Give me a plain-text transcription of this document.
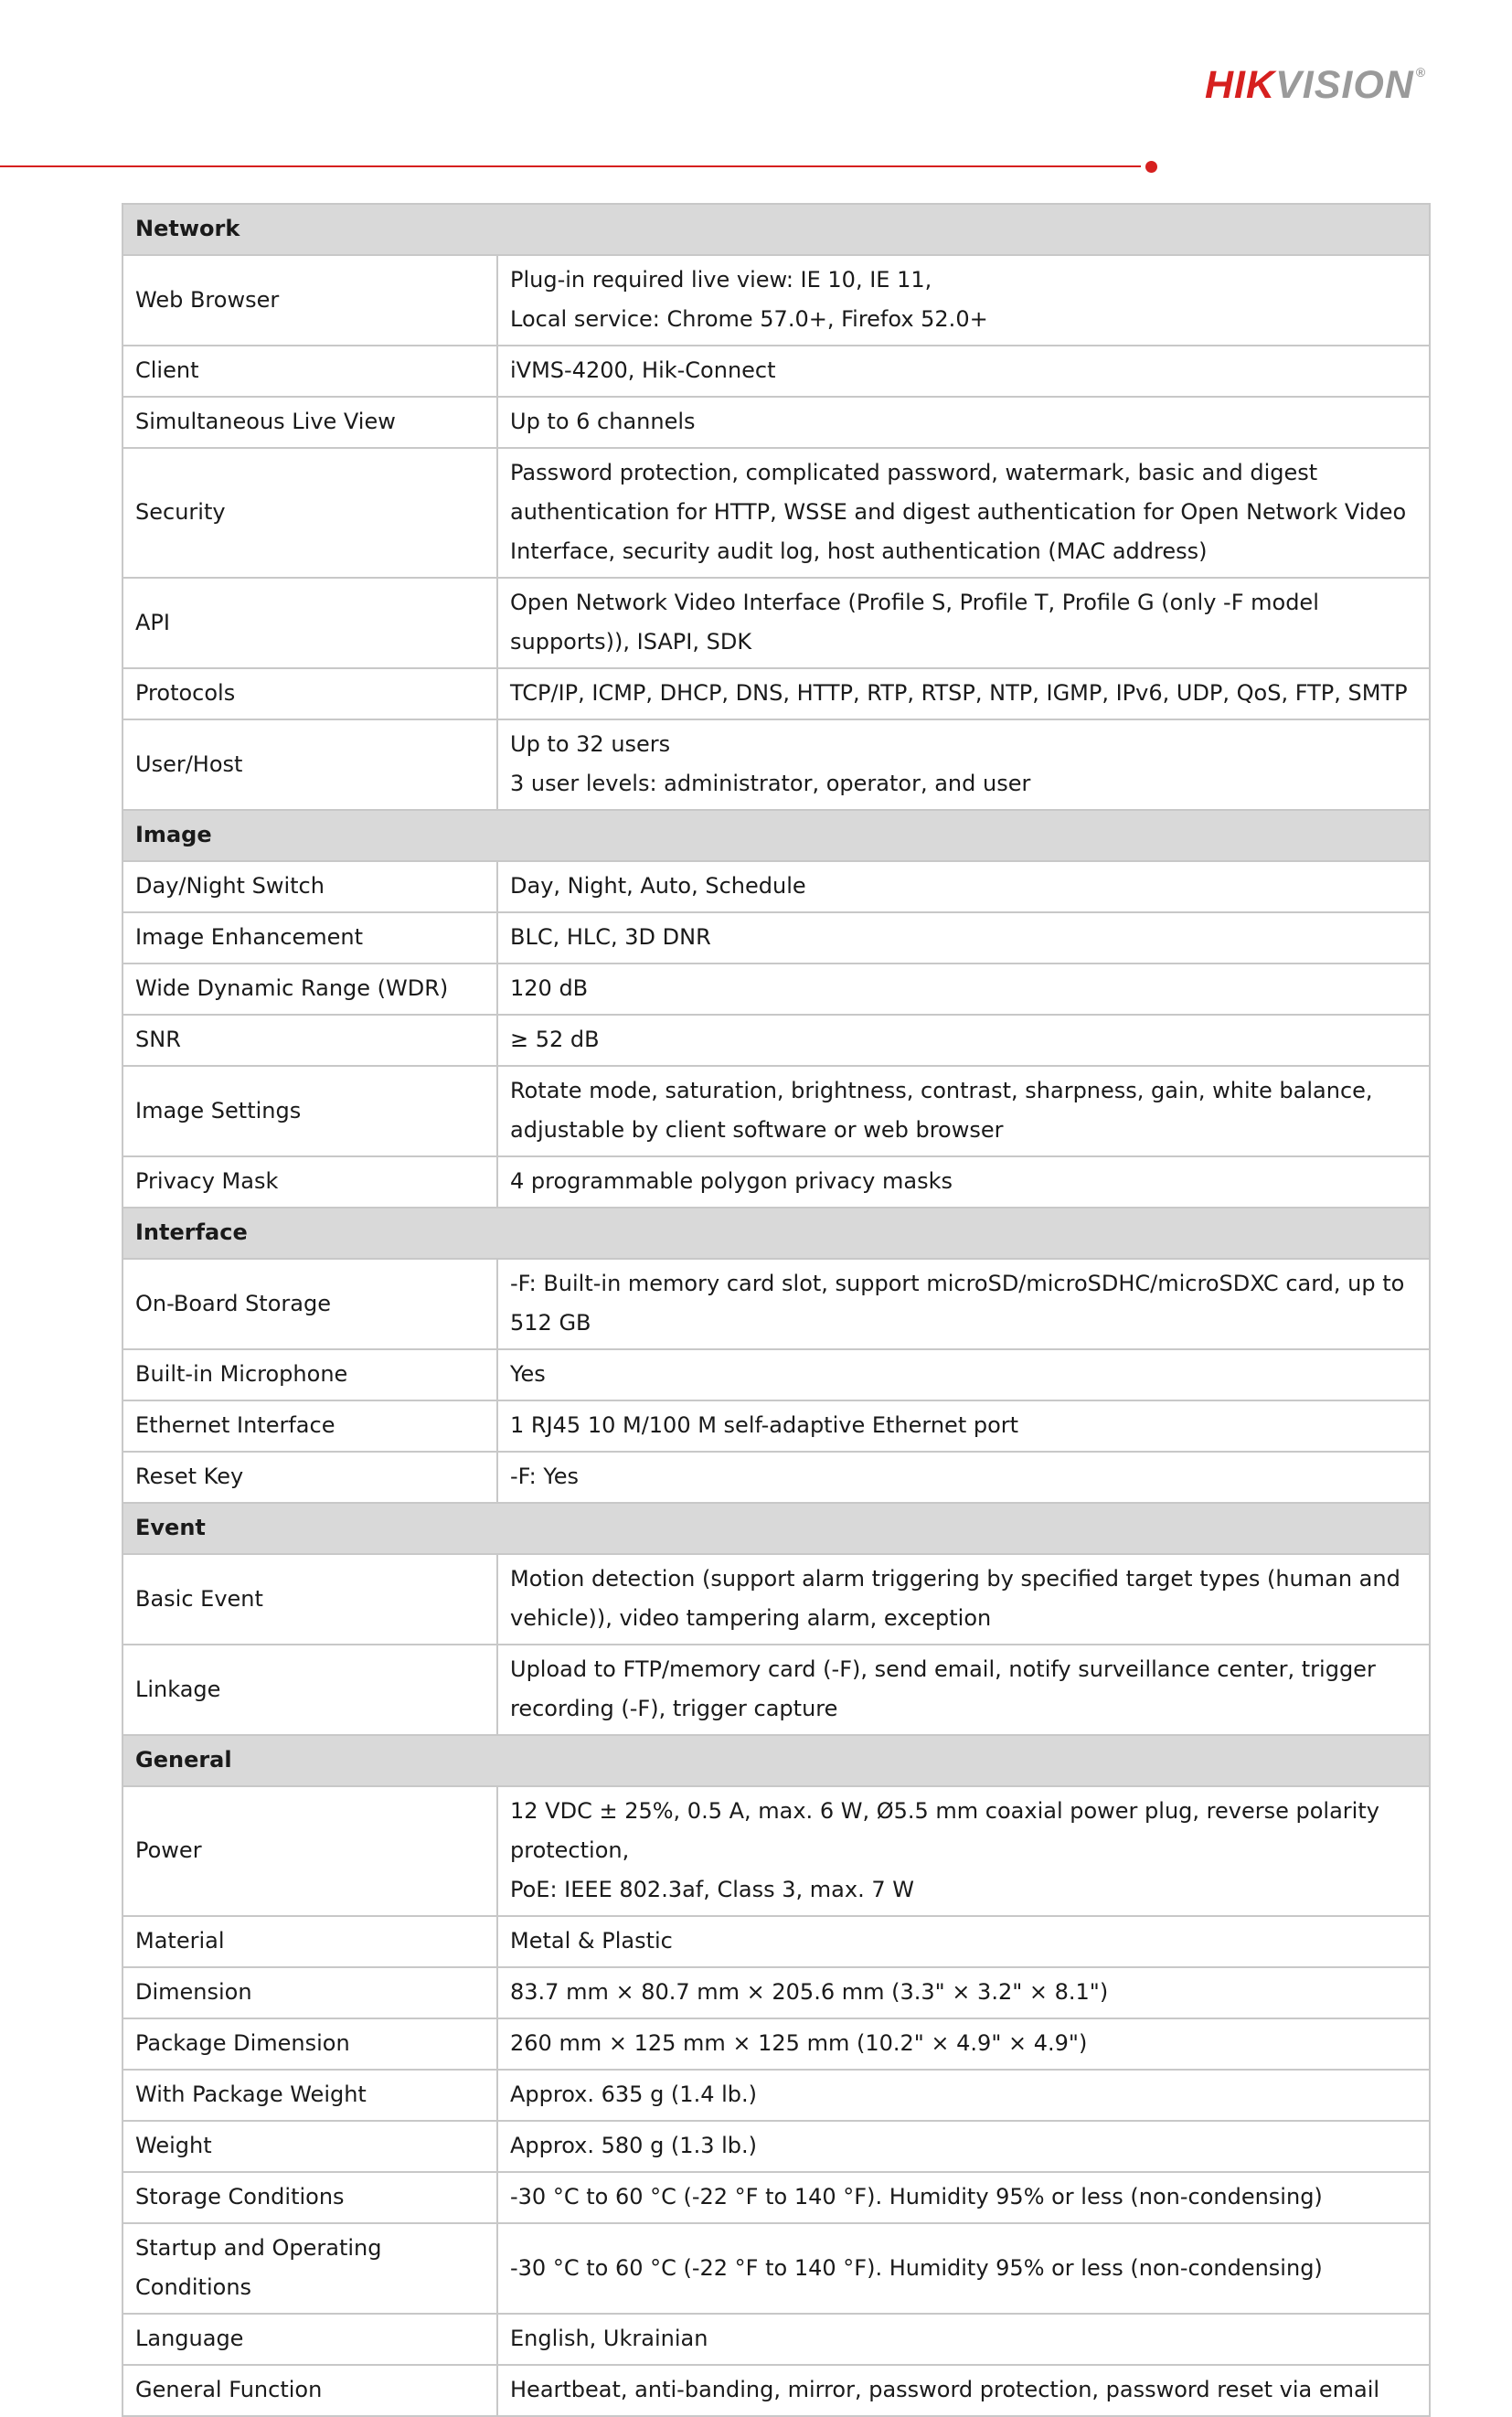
HIKVISION ®
Network	
Web Browser	Plug-in required live view: IE 10, IE 11,
Local service: Chrome 57.0+, Firefox 52.0+

Client	iVMS-4200, Hik-Connect

Simultaneous Live View	Up to 6 channels

Security	Password protection, complicated password, watermark, basic and digest authentication for HTTP, WSSE and digest authentication for Open Network Video Interface, security audit log, host authentication (MAC address)

API	Open Network Video Interface (Profile S, Profile T, Profile G (only -F model supports)), ISAPI, SDK

Protocols	TCP/IP, ICMP, DHCP, DNS, HTTP, RTP, RTSP, NTP, IGMP, IPv6, UDP, QoS, FTP, SMTP

User/Host	Up to 32 users
3 user levels: administrator, operator, and user

Image	
Day/Night Switch	Day, Night, Auto, Schedule

Image Enhancement	BLC, HLC, 3D DNR

Wide Dynamic Range (WDR)	120 dB

SNR	≥ 52 dB

Image Settings	Rotate mode, saturation, brightness, contrast, sharpness, gain, white balance, adjustable by client software or web browser

Privacy Mask	4 programmable polygon privacy masks

Interface	
On-Board Storage	-F: Built-in memory card slot, support microSD/microSDHC/microSDXC card, up to 512 GB

Built-in Microphone	Yes

Ethernet Interface	1 RJ45 10 M/100 M self-adaptive Ethernet port

Reset Key	-F: Yes

Event	
Basic Event	Motion detection (support alarm triggering by specified target types (human and vehicle)), video tampering alarm, exception

Linkage	Upload to FTP/memory card (-F), send email, notify surveillance center, trigger recording (-F), trigger capture

General	
Power	12 VDC ± 25%, 0.5 A, max. 6 W, Ø5.5 mm coaxial power plug, reverse polarity protection,
PoE: IEEE 802.3af, Class 3, max. 7 W

Material	Metal & Plastic

Dimension	83.7 mm × 80.7 mm × 205.6 mm (3.3" × 3.2" × 8.1")

Package Dimension	260 mm × 125 mm × 125 mm (10.2" × 4.9" × 4.9")

With Package Weight	Approx. 635 g (1.4 lb.)

Weight	Approx. 580 g (1.3 lb.)

Storage Conditions	-30 °C to 60 °C (-22 °F to 140 °F). Humidity 95% or less (non-condensing)

Startup and Operating Conditions	-30 °C to 60 °C (-22 °F to 140 °F). Humidity 95% or less (non-condensing)

Language	English, Ukrainian

General Function	Heartbeat, anti-banding, mirror, password protection, password reset via email
